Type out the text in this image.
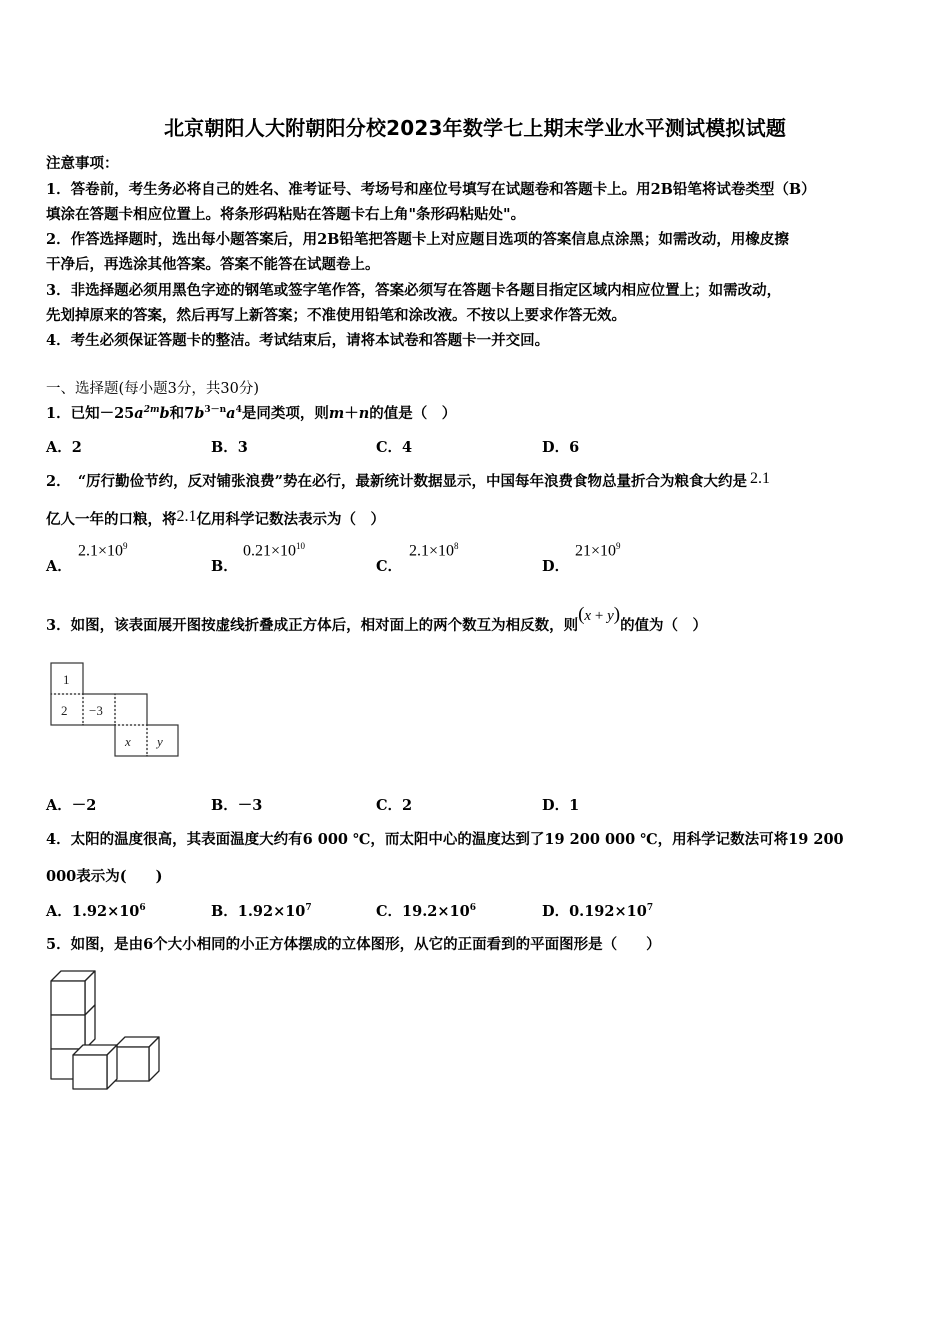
北京朝阳人大附朝阳分校2023年数学七上期末学业水平测试模拟试题
注意事项：
1．答卷前，考生务必将自己的姓名、准考证号、考场号和座位号填写在试题卷和答题卡上。用2B铅笔将试卷类型（B）
填涂在答题卡相应位置上。将条形码粘贴在答题卡右上角"条形码粘贴处"。
2．作答选择题时，选出每小题答案后，用2B铅笔把答题卡上对应题目选项的答案信息点涂黑；如需改动，用橡皮擦
干净后，再选涂其他答案。答案不能答在试题卷上。
3．非选择题必须用黑色字迹的钢笔或签字笔作答，答案必须写在答题卡各题目指定区域内相应位置上；如需改动，
先划掉原来的答案，然后再写上新答案；不准使用铅笔和涂改液。不按以上要求作答无效。
4．考生必须保证答题卡的整洁。考试结束后，请将本试卷和答题卡一并交回。
一、选择题(每小题3分，共30分)
1．已知$-25a^{2m}b$和$7b^{3-n}a^4$是同类项，则m＋n的值是（　）
A．2	B．3	C．4	D．6
2．　“厉行勤俭节约，反对铺张浪费”势在必行，最新统计数据显示，中国每年浪费食物总量折合为粮食大约是 2.1
亿人一年的口粮，将2.1亿用科学记数法表示为（　）
A．
$2.1\times 10^9$
B．
$0.21\times 10^{10}$
C．
$2.1\times 10^8$
D．
$21\times 10^9$
3．如图，该表面展开图按虚线折叠成正方体后，相对面上的两个数互为相反数，则(x + y)的值为（　）
1
2 −3
x y
A．－2	B．－3	C．2	D．1
4．太阳的温度很高，其表面温度大约有6 000 ℃，而太阳中心的温度达到了19 200 000 ℃，用科学记数法可将19 200
000表示为(　　)
A．$1.92\times 10^6$	B．$1.92\times 10^7$	C．$19.2\times 10^6$	D．$0.192\times 10^7$
5．如图，是由6个大小相同的小正方体摆成的立体图形，从它的正面看到的平面图形是（　　）
